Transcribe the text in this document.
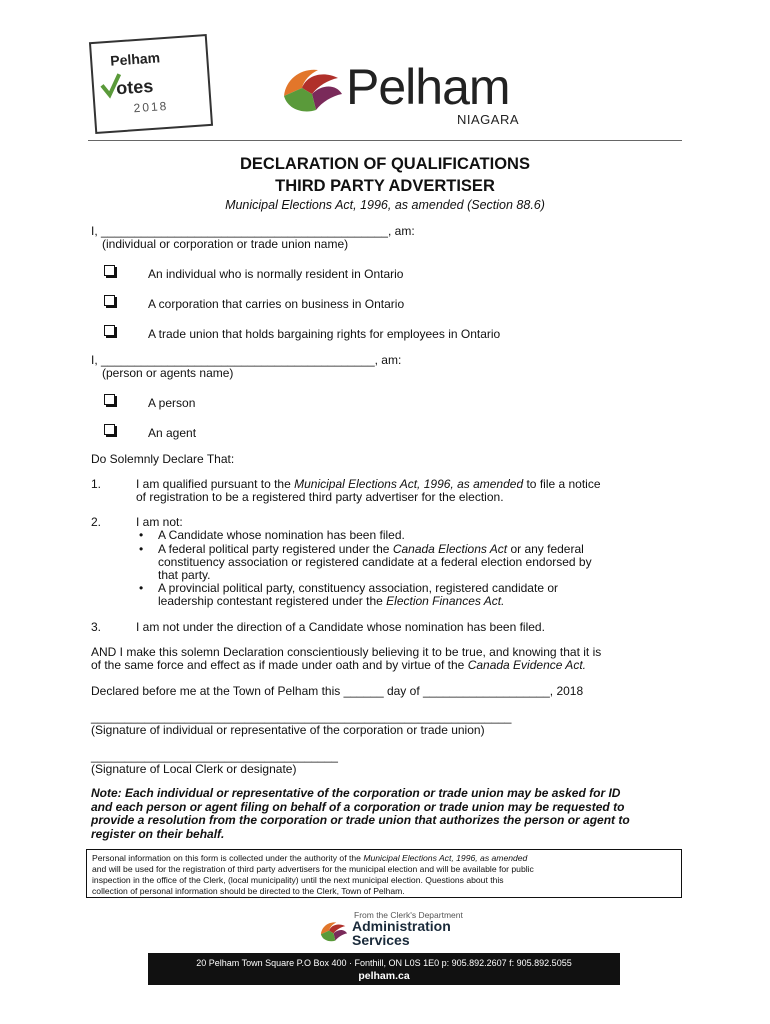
Pelham
otes
2018	Pelham
NIAGARA
DECLARATION OF QUALIFICATIONS
THIRD PARTY ADVERTISER
Municipal Elections Act, 1996, as amended (Section 88.6)
I, ___________________________________________, am:
(individual or corporation or trade union name)
An individual who is normally resident in Ontario
A corporation that carries on business in Ontario
A trade union that holds bargaining rights for employees in Ontario
I, _________________________________________, am:
(person or agents name)
A person
An agent
Do Solemnly Declare That:
1.	I am qualified pursuant to the Municipal Elections Act, 1996, as amended to file a notice
of registration to be a registered third party advertiser for the election.
2.	I am not:
• A Candidate whose nomination has been filed.
• A federal political party registered under the Canada Elections Act or any federal
constituency association or registered candidate at a federal election endorsed by
that party.
• A provincial political party, constituency association, registered candidate or
leadership contestant registered under the Election Finances Act.
3.	I am not under the direction of a Candidate whose nomination has been filed.
AND I make this solemn Declaration conscientiously believing it to be true, and knowing that it is
of the same force and effect as if made under oath and by virtue of the Canada Evidence Act.
Declared before me at the Town of Pelham this ______ day of ___________________, 2018
_______________________________________________________________
(Signature of individual or representative of the corporation or trade union)
_____________________________________
(Signature of Local Clerk or designate)
Note: Each individual or representative of the corporation or trade union may be asked for ID
and each person or agent filing on behalf of a corporation or trade union may be requested to
provide a resolution from the corporation or trade union that authorizes the person or agent to
register on their behalf.
Personal information on this form is collected under the authority of the Municipal Elections Act, 1996, as amended
and will be used for the registration of third party advertisers for the municipal election and will be available for public
inspection in the office of the Clerk, (local municipality) until the next municipal election. Questions about this
collection of personal information should be directed to the Clerk, Town of Pelham.
From the Clerk's Department
Administration
Services
20 Pelham Town Square P.O Box 400 · Fonthill, ON L0S 1E0 p: 905.892.2607 f: 905.892.5055
pelham.ca
